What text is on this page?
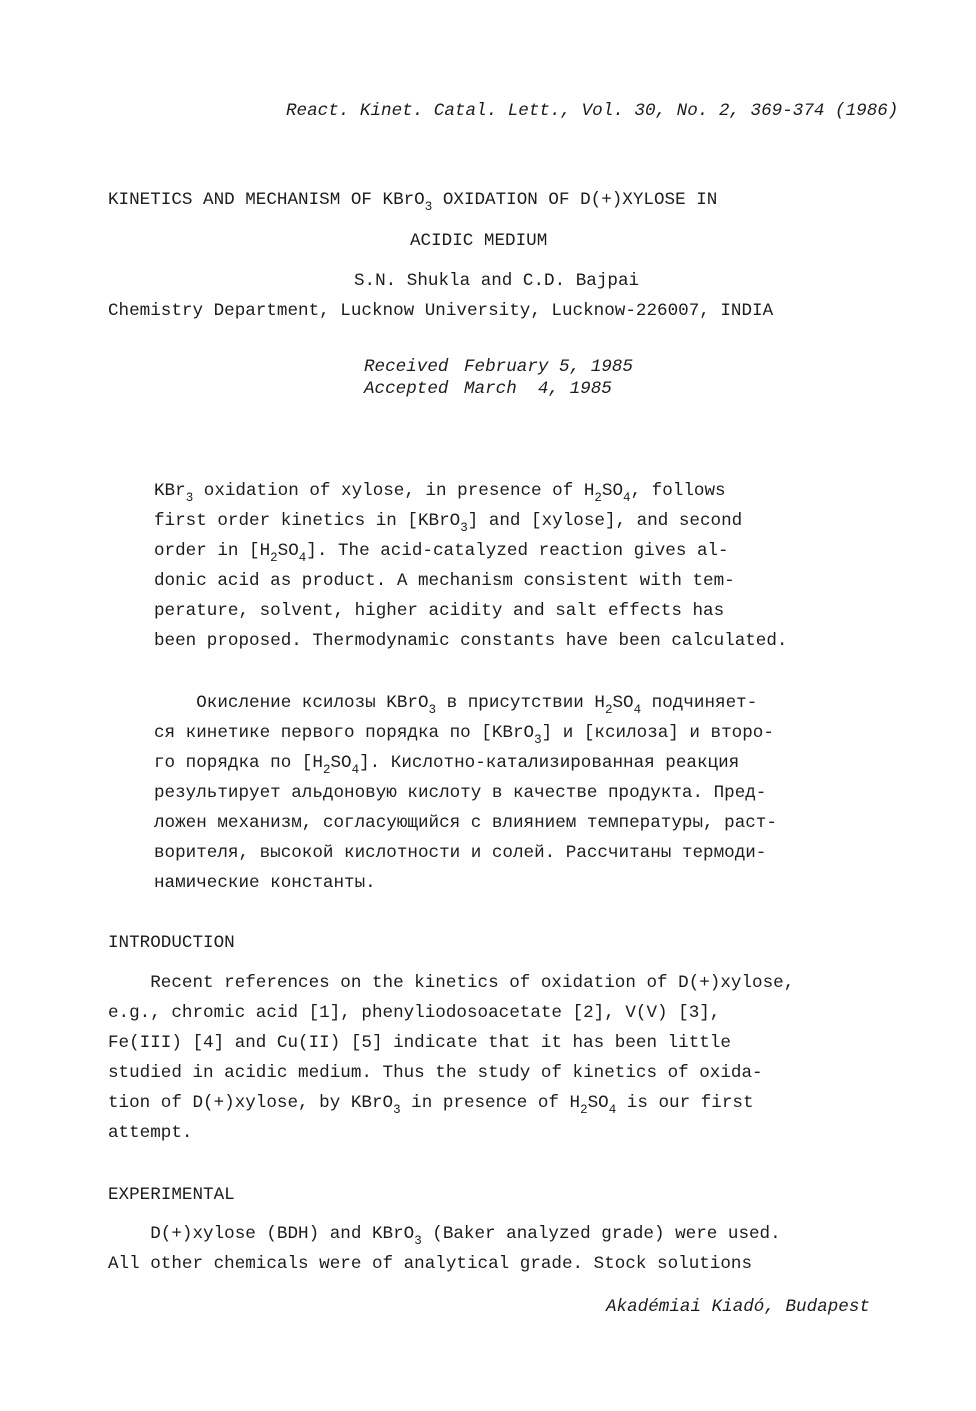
React. Kinet. Catal. Lett., Vol. 30, No. 2, 369-374 (1986)
KINETICS AND MECHANISM OF KBrO$_3$ OXIDATION OF D(+)XYLOSE IN
ACIDIC MEDIUM
S.N. Shukla and C.D. Bajpai
Chemistry Department, Lucknow University, Lucknow-226007, INDIA
Received February 5, 1985
Accepted March  4, 1985
KBr$_3$ oxidation of xylose, in presence of $H_2SO_4$, follows
first order kinetics in [KBrO$_3$] and [xylose], and second
order in $[H_2SO_4]$. The acid-catalyzed reaction gives al-
donic acid as product. A mechanism consistent with tem-
perature, solvent, higher acidity and salt effects has
been proposed. Thermodynamic constants have been calculated.
Окисление ксилозы KBrO$_3$ в присутствии $H_2SO_4$ подчиняет-
ся кинетике первого порядка по [KBrO$_3$] и [ксилоза] и второ-
го порядка по $[H_2SO_4]$. Кислотно-катализированная реакция
результирует альдоновую кислоту в качестве продукта. Пред-
ложен механизм, согласующийся с влиянием температуры, раст-
ворителя, высокой кислотности и солей. Рассчитаны термоди-
намические константы.
INTRODUCTION
Recent references on the kinetics of oxidation of D(+)xylose,
e.g., chromic acid [1], phenyliodosoacetate [2], V(V) [3],
Fe(III) [4] and Cu(II) [5] indicate that it has been little
studied in acidic medium. Thus the study of kinetics of oxida-
tion of D(+)xylose, by KBrO$_3$ in presence of $H_2SO_4$ is our first
attempt.
EXPERIMENTAL
D(+)xylose (BDH) and KBrO$_3$ (Baker analyzed grade) were used.
All other chemicals were of analytical grade. Stock solutions
Akadémiai Kiadó, Budapest
